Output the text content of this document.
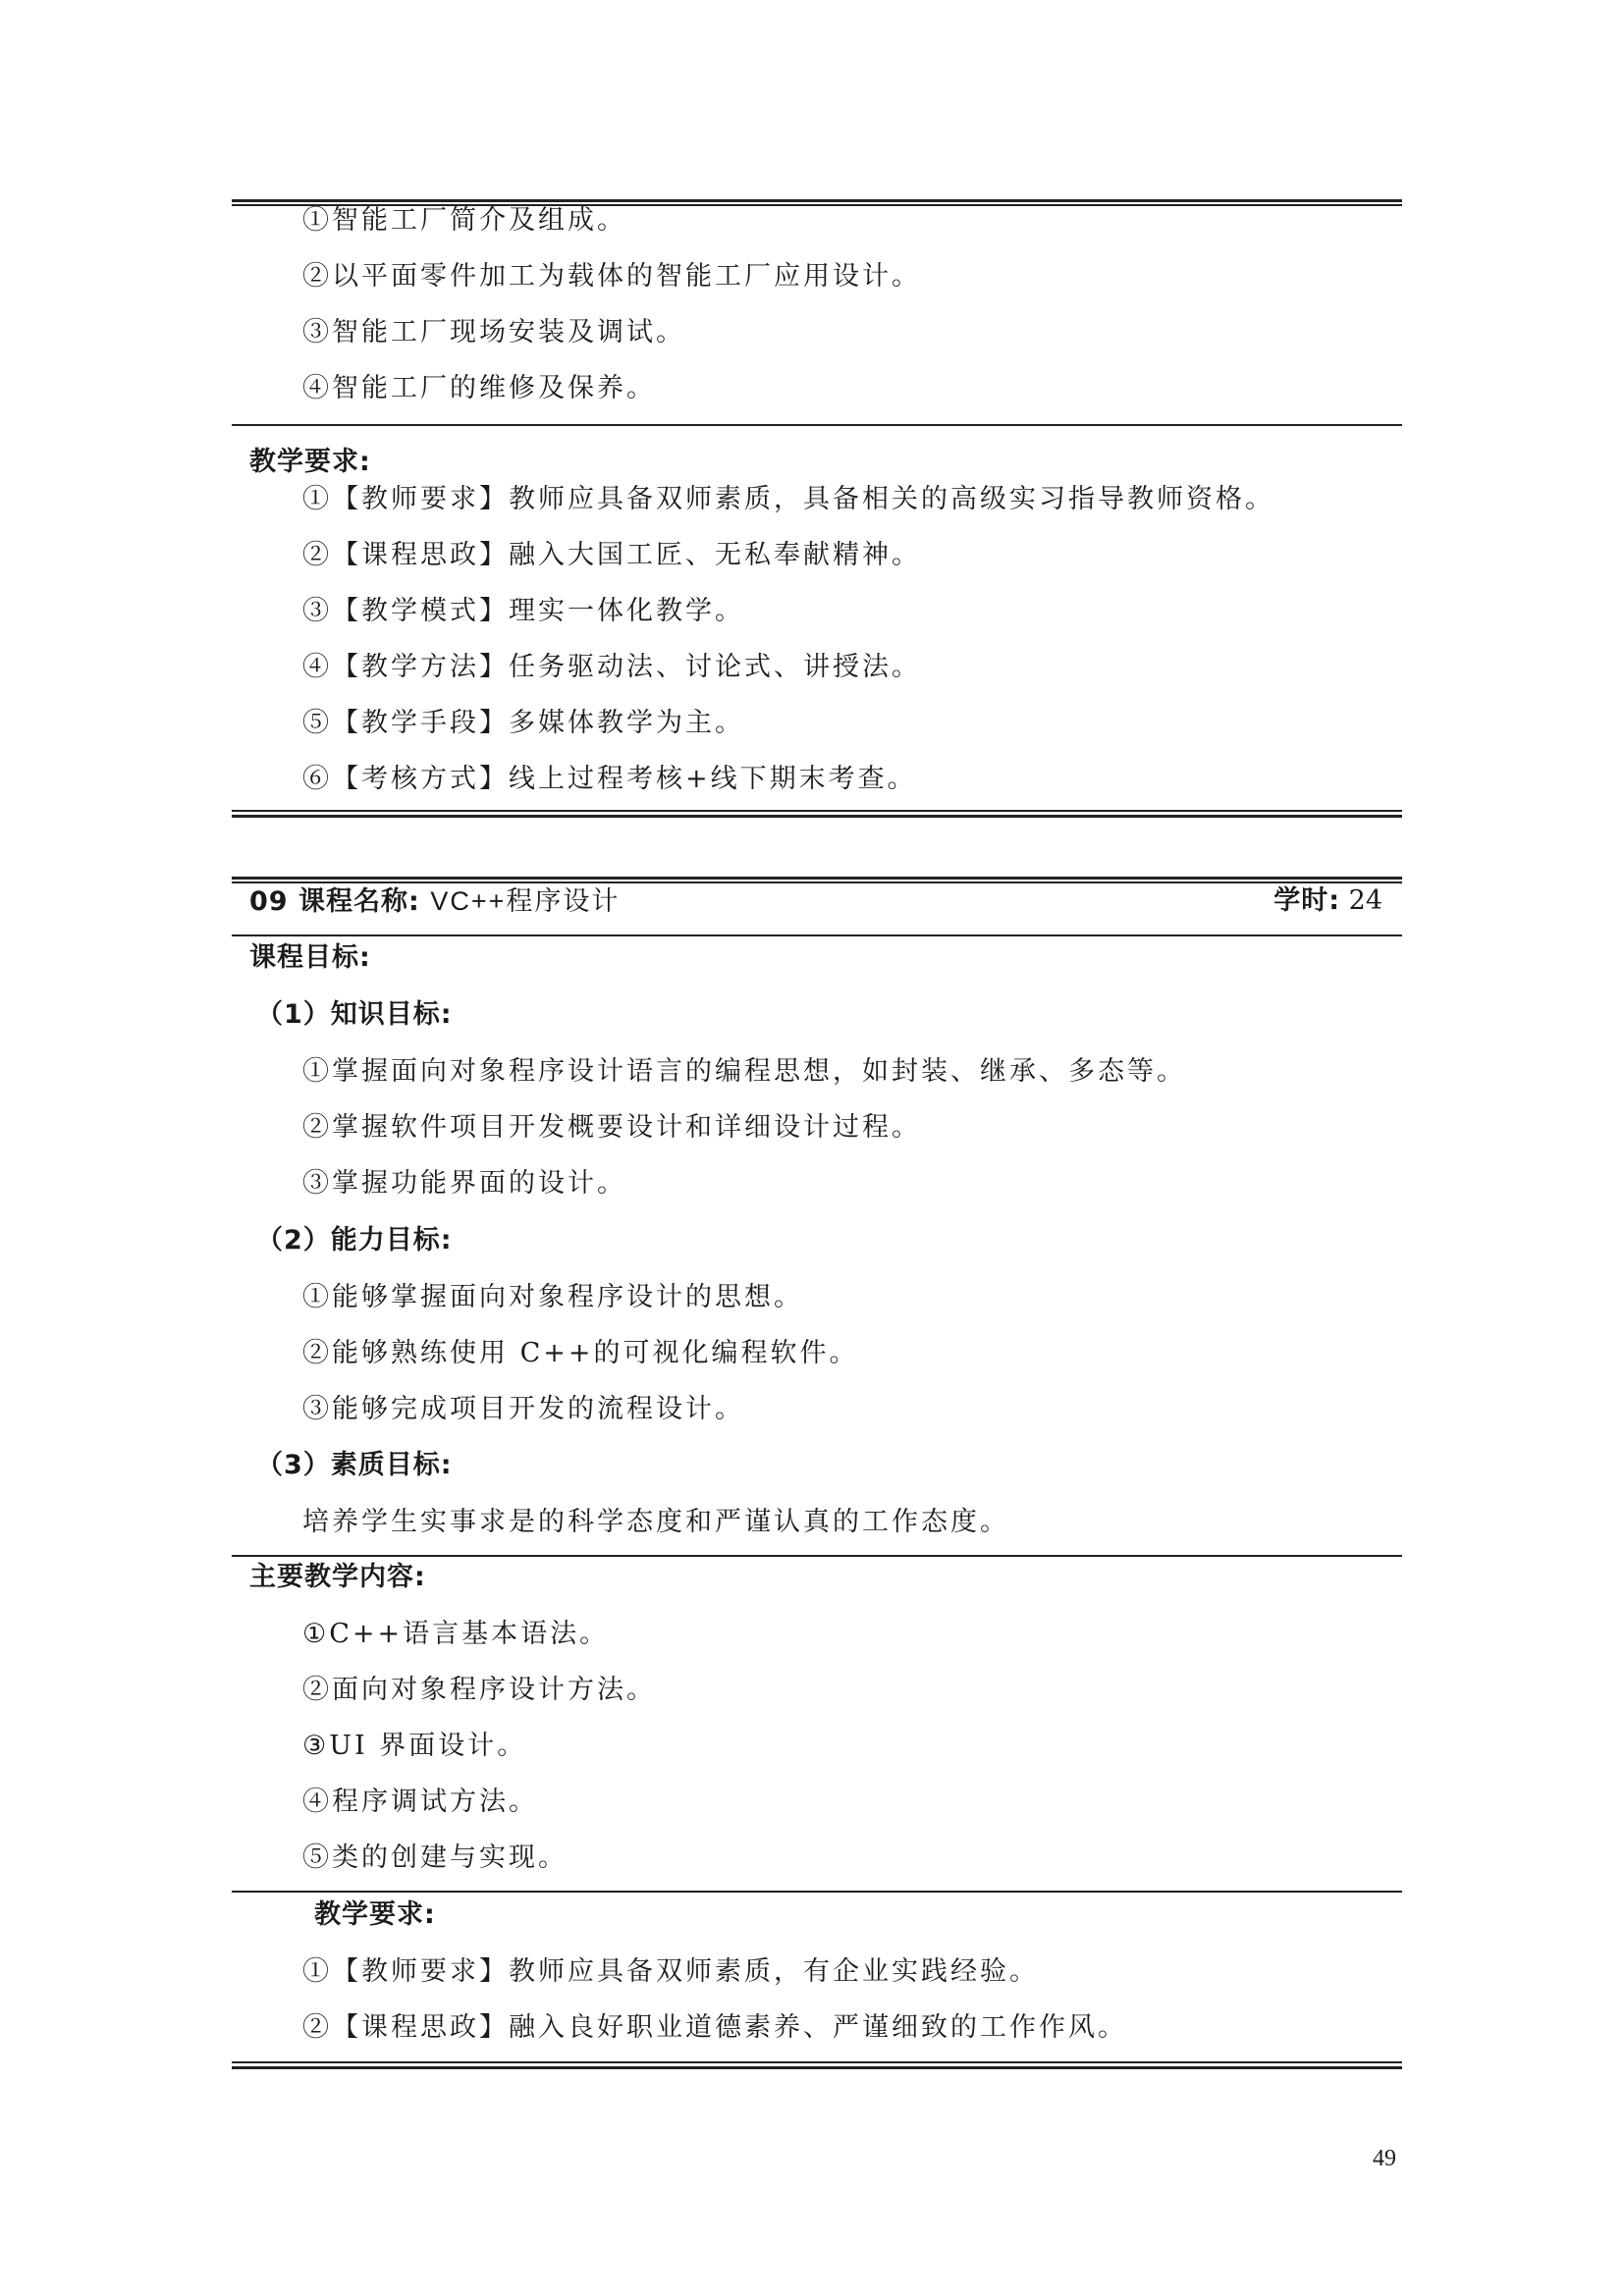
①智能工厂简介及组成。
②以平面零件加工为载体的智能工厂应用设计。
③智能工厂现场安装及调试。
④智能工厂的维修及保养。
教学要求:
①【教师要求】教师应具备双师素质，具备相关的高级实习指导教师资格。
②【课程思政】融入大国工匠、无私奉献精神。
③【教学模式】理实一体化教学。
④【教学方法】任务驱动法、讨论式、讲授法。
⑤【教学手段】多媒体教学为主。
⑥【考核方式】线上过程考核+线下期末考查。
09 课程名称: VC++程序设计	学时: 24
课程目标:
（1）知识目标:
①掌握面向对象程序设计语言的编程思想，如封装、继承、多态等。
②掌握软件项目开发概要设计和详细设计过程。
③掌握功能界面的设计。
（2）能力目标:
①能够掌握面向对象程序设计的思想。
②能够熟练使用 C++的可视化编程软件。
③能够完成项目开发的流程设计。
（3）素质目标:
培养学生实事求是的科学态度和严谨认真的工作态度。
主要教学内容:
①C++语言基本语法。
②面向对象程序设计方法。
③UI 界面设计。
④程序调试方法。
⑤类的创建与实现。
教学要求:
①【教师要求】教师应具备双师素质，有企业实践经验。
②【课程思政】融入良好职业道德素养、严谨细致的工作作风。
49
